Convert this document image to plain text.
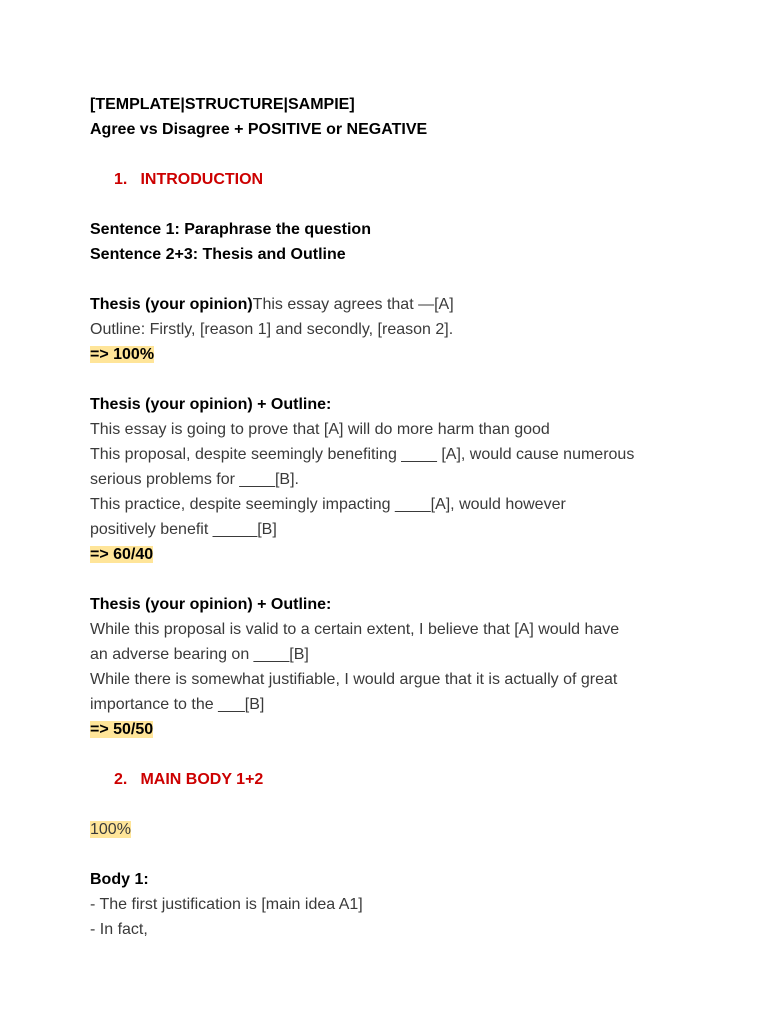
[TEMPLATE|STRUCTURE|SAMPIE]
Agree vs Disagree + POSITIVE or NEGATIVE
1. INTRODUCTION
Sentence 1: Paraphrase the question
Sentence 2+3: Thesis and Outline
Thesis (your opinion)This essay agrees that —[A]
Outline: Firstly, [reason 1] and secondly, [reason 2].
=> 100%
Thesis (your opinion) + Outline:
This essay is going to prove that [A] will do more harm than good
This proposal, despite seemingly benefiting ____ [A], would cause numerous
serious problems for ____[B].
This practice, despite seemingly impacting ____[A], would however
positively benefit _____[B]
=> 60/40
Thesis (your opinion) + Outline:
While this proposal is valid to a certain extent, I believe that [A] would have
an adverse bearing on ____[B]
While there is somewhat justifiable, I would argue that it is actually of great
importance to the ___[B]
=> 50/50
2. MAIN BODY 1+2
100%
Body 1:
- The first justification is [main idea A1]
- In fact,
